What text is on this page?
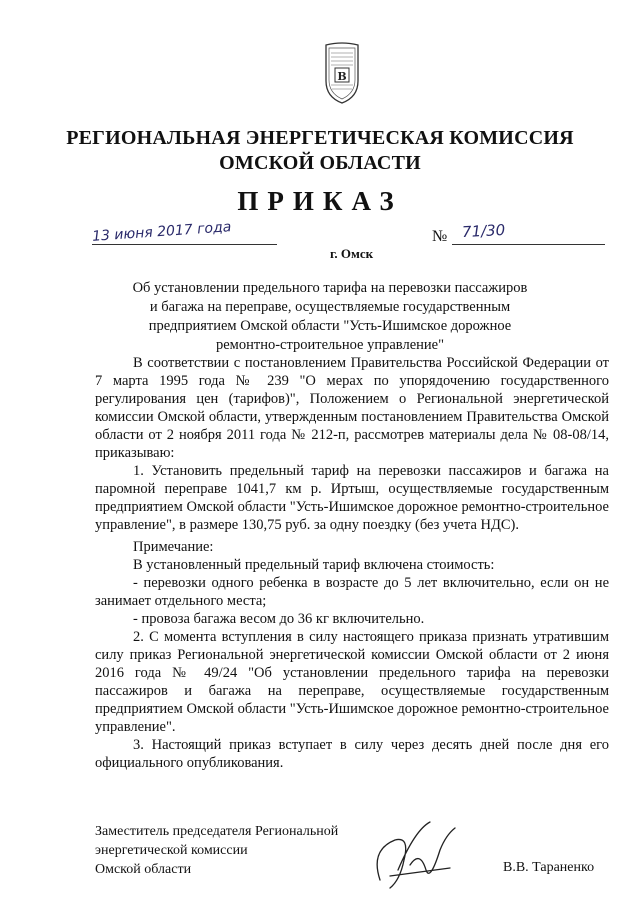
В
РЕГИОНАЛЬНАЯ ЭНЕРГЕТИЧЕСКАЯ КОМИССИЯ
ОМСКОЙ ОБЛАСТИ
ПРИКАЗ
13 июня 2017 года	№ 71/30
г. Омск
Об установлении предельного тарифа на перевозки пассажиров
и багажа на переправе, осуществляемые государственным
предприятием Омской области "Усть-Ишимское дорожное
ремонтно-строительное управление"

В соответствии с постановлением Правительства Российской Федерации от 7 марта 1995 года № 239 "О мерах по упорядочению государственного регулирования цен (тарифов)", Положением о Региональной энергетической комиссии Омской области, утвержденным постановлением Правительства Омской области от 2 ноября 2011 года № 212-п, рассмотрев материалы дела № 08-08/14, приказываю:

1. Установить предельный тариф на перевозки пассажиров и багажа на паромной переправе 1041,7 км р. Иртыш, осуществляемые государственным предприятием Омской области "Усть-Ишимское дорожное ремонтно-строительное управление", в размере 130,75 руб. за одну поездку (без учета НДС).

Примечание:

В установленный предельный тариф включена стоимость:

- перевозки одного ребенка в возрасте до 5 лет включительно, если он не занимает отдельного места;

- провоза багажа весом до 36 кг включительно.

2. С момента вступления в силу настоящего приказа признать утратившим силу приказ Региональной энергетической комиссии Омской области от 2 июня 2016 года № 49/24 "Об установлении предельного тарифа на перевозки пассажиров и багажа на переправе, осуществляемые государственным предприятием Омской области "Усть-Ишимское дорожное ремонтно-строительное управление".

3. Настоящий приказ вступает в силу через десять дней после дня его официального опубликования.

Заместитель председателя Региональной
энергетической комиссии
Омской области	В.В. Тараненко
